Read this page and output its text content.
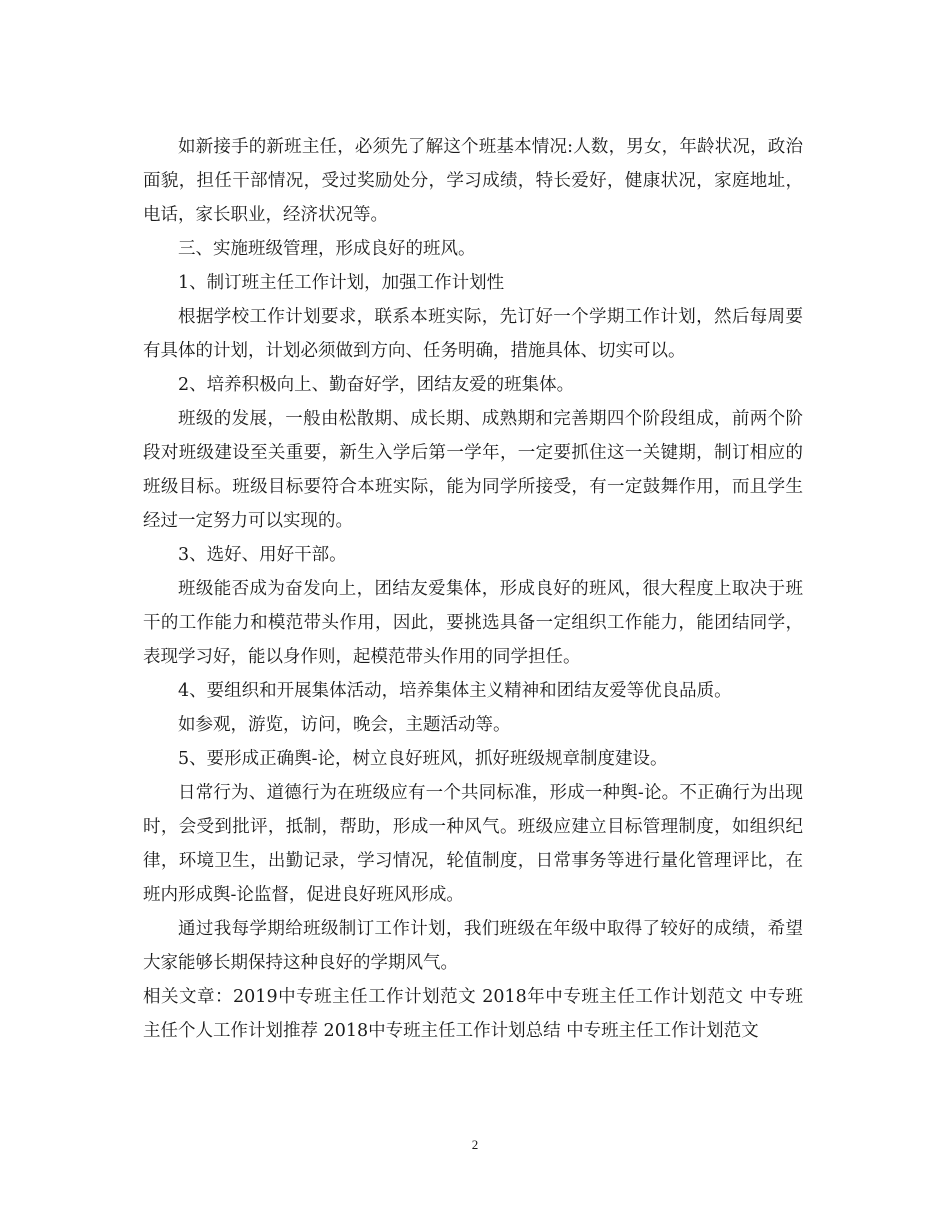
如新接手的新班主任，必须先了解这个班基本情况:人数，男女，年龄状况，政治面貌，担任干部情况，受过奖励处分，学习成绩，特长爱好，健康状况，家庭地址，电话，家长职业，经济状况等。

三、实施班级管理，形成良好的班风。

1、制订班主任工作计划，加强工作计划性

根据学校工作计划要求，联系本班实际，先订好一个学期工作计划，然后每周要有具体的计划，计划必须做到方向、任务明确，措施具体、切实可以。

2、培养积极向上、勤奋好学，团结友爱的班集体。

班级的发展，一般由松散期、成长期、成熟期和完善期四个阶段组成，前两个阶段对班级建设至关重要，新生入学后第一学年，一定要抓住这一关键期，制订相应的班级目标。班级目标要符合本班实际，能为同学所接受，有一定鼓舞作用，而且学生经过一定努力可以实现的。

3、选好、用好干部。

班级能否成为奋发向上，团结友爱集体，形成良好的班风，很大程度上取决于班干的工作能力和模范带头作用，因此，要挑选具备一定组织工作能力，能团结同学，表现学习好，能以身作则，起模范带头作用的同学担任。

4、要组织和开展集体活动，培养集体主义精神和团结友爱等优良品质。

如参观，游览，访问，晚会，主题活动等。

5、要形成正确舆-论，树立良好班风，抓好班级规章制度建设。

日常行为、道德行为在班级应有一个共同标准，形成一种舆-论。不正确行为出现时，会受到批评，抵制，帮助，形成一种风气。班级应建立目标管理制度，如组织纪律，环境卫生，出勤记录，学习情况，轮值制度，日常事务等进行量化管理评比，在班内形成舆-论监督，促进良好班风形成。

通过我每学期给班级制订工作计划，我们班级在年级中取得了较好的成绩，希望大家能够长期保持这种良好的学期风气。

相关文章：2019中专班主任工作计划范文 2018年中专班主任工作计划范文 中专班主任个人工作计划推荐 2018中专班主任工作计划总结 中专班主任工作计划范文

2
